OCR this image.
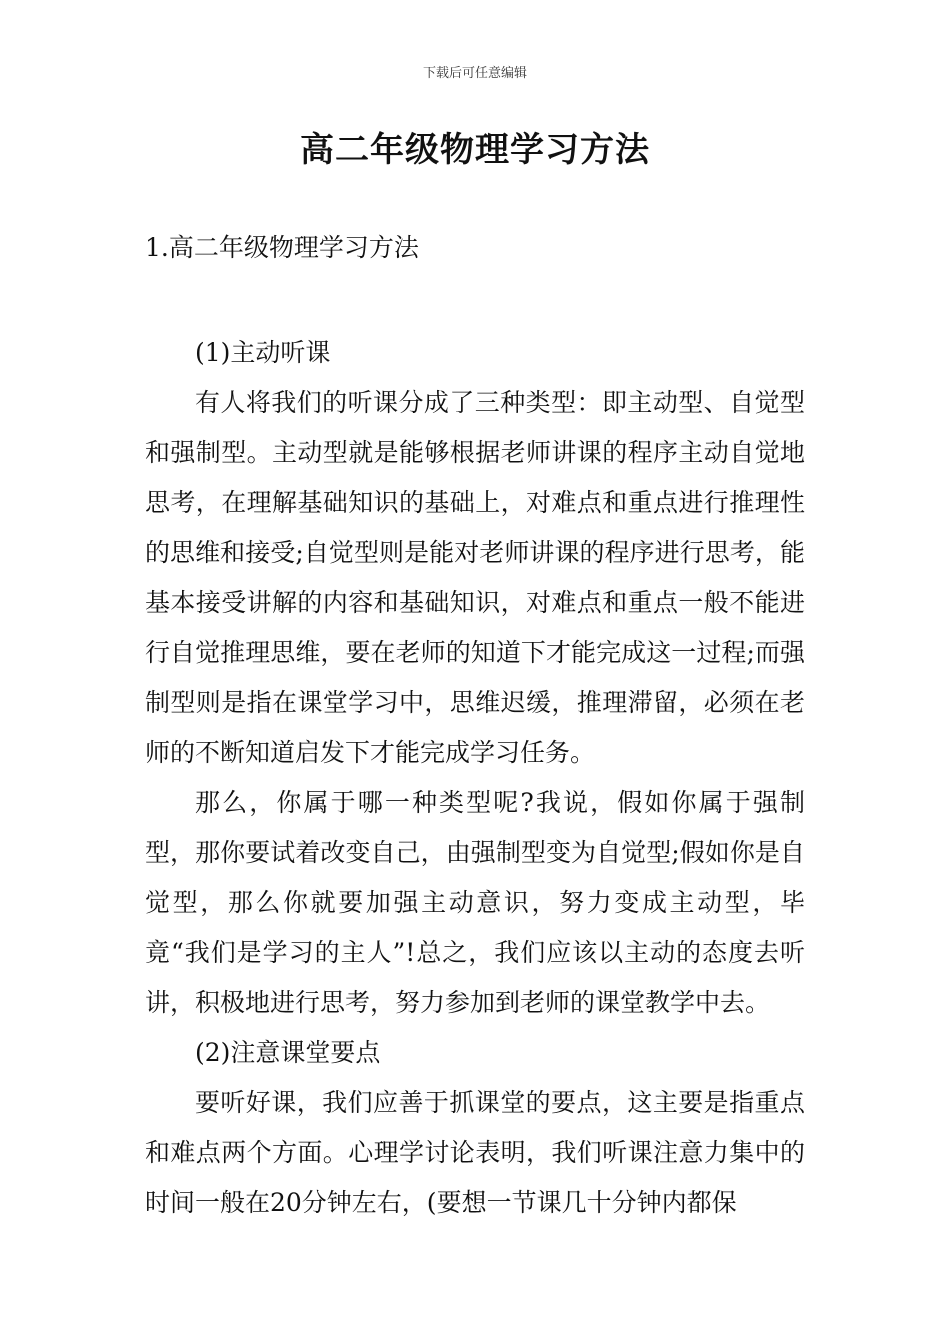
下载后可任意编辑
高二年级物理学习方法
1.高二年级物理学习方法

(1)主动听课

有人将我们的听课分成了三种类型：即主动型、自觉型和强制型。主动型就是能够根据老师讲课的程序主动自觉地思考，在理解基础知识的基础上，对难点和重点进行推理性的思维和接受;自觉型则是能对老师讲课的程序进行思考，能基本接受讲解的内容和基础知识，对难点和重点一般不能进行自觉推理思维，要在老师的知道下才能完成这一过程;而强制型则是指在课堂学习中，思维迟缓，推理滞留，必须在老师的不断知道启发下才能完成学习任务。

那么，你属于哪一种类型呢?我说，假如你属于强制型，那你要试着改变自己，由强制型变为自觉型;假如你是自觉型，那么你就要加强主动意识，努力变成主动型，毕竟“我们是学习的主人”!总之，我们应该以主动的态度去听讲，积极地进行思考，努力参加到老师的课堂教学中去。

(2)注意课堂要点

要听好课，我们应善于抓课堂的要点，这主要是指重点和难点两个方面。心理学讨论表明，我们听课注意力集中的时间一般在20分钟左右，(要想一节课几十分钟内都保
